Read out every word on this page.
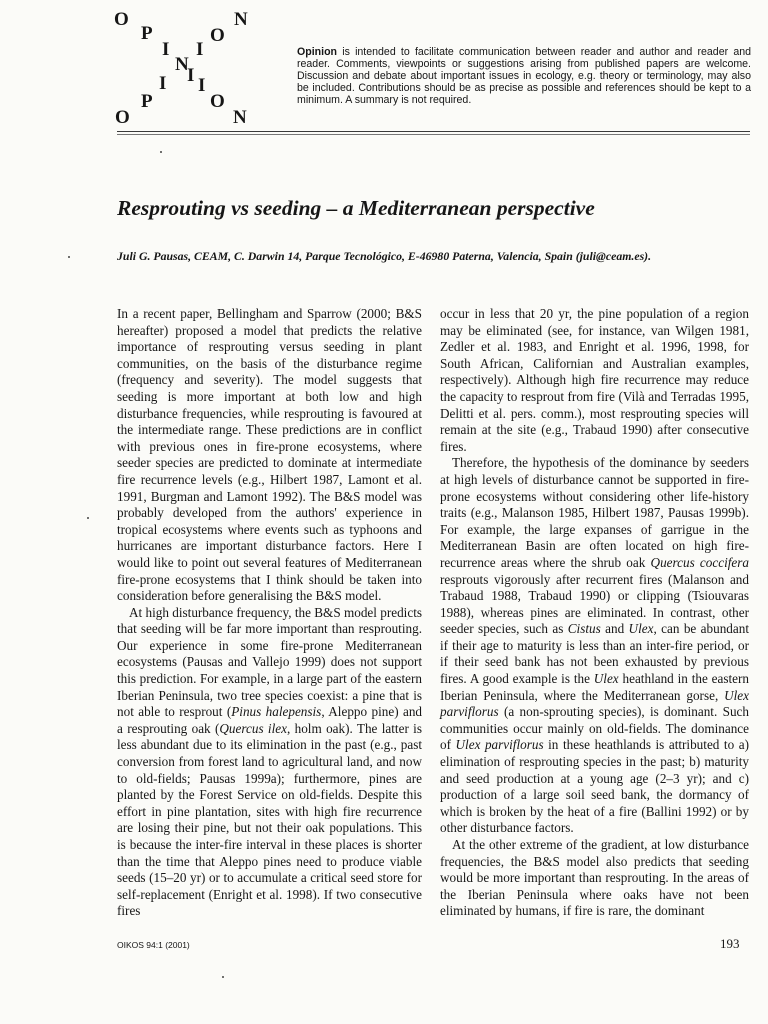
O	N
P	O
I I
N
I
I I
P	O
O	N

Opinion is intended to facilitate communication between reader and author and reader and reader. Comments, viewpoints or suggestions arising from published papers are welcome. Discussion and debate about important issues in ecology, e.g. theory or terminology, may also be included. Contributions should be as precise as possible and references should be kept to a minimum. A summary is not required.

Resprouting vs seeding – a Mediterranean perspective

Juli G. Pausas, CEAM, C. Darwin 14, Parque Tecnológico, E-46980 Paterna, Valencia, Spain (juli@ceam.es).

In a recent paper, Bellingham and Sparrow (2000; B&S hereafter) proposed a model that predicts the relative importance of resprouting versus seeding in plant communities, on the basis of the disturbance regime (frequency and severity). The model suggests that seeding is more important at both low and high disturbance frequencies, while resprouting is favoured at the intermediate range. These predictions are in conflict with previous ones in fire-prone ecosystems, where seeder species are predicted to dominate at intermediate fire recurrence levels (e.g., Hilbert 1987, Lamont et al. 1991, Burgman and Lamont 1992). The B&S model was probably developed from the authors' experience in tropical ecosystems where events such as typhoons and hurricanes are important disturbance factors. Here I would like to point out several features of Mediterranean fire-prone ecosystems that I think should be taken into consideration before generalising the B&S model.

At high disturbance frequency, the B&S model predicts that seeding will be far more important than resprouting. Our experience in some fire-prone Mediterranean ecosystems (Pausas and Vallejo 1999) does not support this prediction. For example, in a large part of the eastern Iberian Peninsula, two tree species coexist: a pine that is not able to resprout (Pinus halepensis, Aleppo pine) and a resprouting oak (Quercus ilex, holm oak). The latter is less abundant due to its elimination in the past (e.g., past conversion from forest land to agricultural land, and now to old-fields; Pausas 1999a); furthermore, pines are planted by the Forest Service on old-fields. Despite this effort in pine plantation, sites with high fire recurrence are losing their pine, but not their oak populations. This is because the inter-fire interval in these places is shorter than the time that Aleppo pines need to produce viable seeds (15–20 yr) or to accumulate a critical seed store for self-replacement (Enright et al. 1998). If two consecutive fires

occur in less that 20 yr, the pine population of a region may be eliminated (see, for instance, van Wilgen 1981, Zedler et al. 1983, and Enright et al. 1996, 1998, for South African, Californian and Australian examples, respectively). Although high fire recurrence may reduce the capacity to resprout from fire (Vilà and Terradas 1995, Delitti et al. pers. comm.), most resprouting species will remain at the site (e.g., Trabaud 1990) after consecutive fires.

Therefore, the hypothesis of the dominance by seeders at high levels of disturbance cannot be supported in fire-prone ecosystems without considering other life-history traits (e.g., Malanson 1985, Hilbert 1987, Pausas 1999b). For example, the large expanses of garrigue in the Mediterranean Basin are often located on high fire-recurrence areas where the shrub oak Quercus coccifera resprouts vigorously after recurrent fires (Malanson and Trabaud 1988, Trabaud 1990) or clipping (Tsiouvaras 1988), whereas pines are eliminated. In contrast, other seeder species, such as Cistus and Ulex, can be abundant if their age to maturity is less than an inter-fire period, or if their seed bank has not been exhausted by previous fires. A good example is the Ulex heathland in the eastern Iberian Peninsula, where the Mediterranean gorse, Ulex parviflorus (a non-sprouting species), is dominant. Such communities occur mainly on old-fields. The dominance of Ulex parviflorus in these heathlands is attributed to a) elimination of resprouting species in the past; b) maturity and seed production at a young age (2–3 yr); and c) production of a large soil seed bank, the dormancy of which is broken by the heat of a fire (Ballini 1992) or by other disturbance factors.

At the other extreme of the gradient, at low disturbance frequencies, the B&S model also predicts that seeding would be more important than resprouting. In the areas of the Iberian Peninsula where oaks have not been eliminated by humans, if fire is rare, the dominant

OIKOS 94:1 (2001)	193
